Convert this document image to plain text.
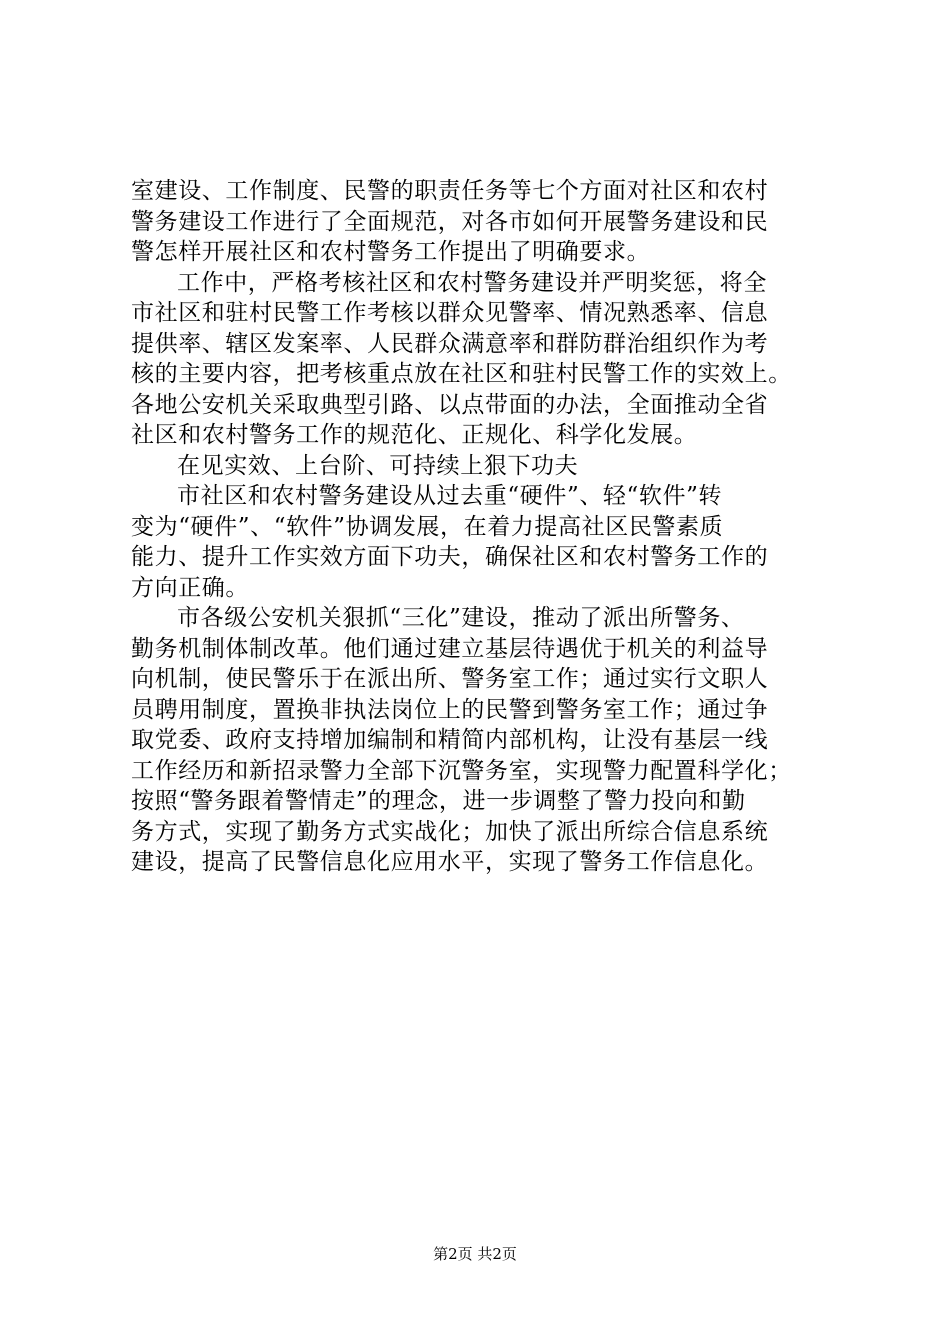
室建设、工作制度、民警的职责任务等七个方面对社区和农村
警务建设工作进行了全面规范，对各市如何开展警务建设和民
警怎样开展社区和农村警务工作提出了明确要求。
工作中，严格考核社区和农村警务建设并严明奖惩，将全
市社区和驻村民警工作考核以群众见警率、情况熟悉率、信息
提供率、辖区发案率、人民群众满意率和群防群治组织作为考
核的主要内容，把考核重点放在社区和驻村民警工作的实效上。
各地公安机关采取典型引路、以点带面的办法，全面推动全省
社区和农村警务工作的规范化、正规化、科学化发展。
在见实效、上台阶、可持续上狠下功夫
市社区和农村警务建设从过去重“硬件”、轻“软件”转
变为“硬件”、“软件”协调发展，在着力提高社区民警素质
能力、提升工作实效方面下功夫，确保社区和农村警务工作的
方向正确。
市各级公安机关狠抓“三化”建设，推动了派出所警务、
勤务机制体制改革。他们通过建立基层待遇优于机关的利益导
向机制，使民警乐于在派出所、警务室工作；通过实行文职人
员聘用制度，置换非执法岗位上的民警到警务室工作；通过争
取党委、政府支持增加编制和精简内部机构，让没有基层一线
工作经历和新招录警力全部下沉警务室，实现警力配置科学化；
按照“警务跟着警情走”的理念，进一步调整了警力投向和勤
务方式，实现了勤务方式实战化；加快了派出所综合信息系统
建设，提高了民警信息化应用水平，实现了警务工作信息化。
第2页 共2页
